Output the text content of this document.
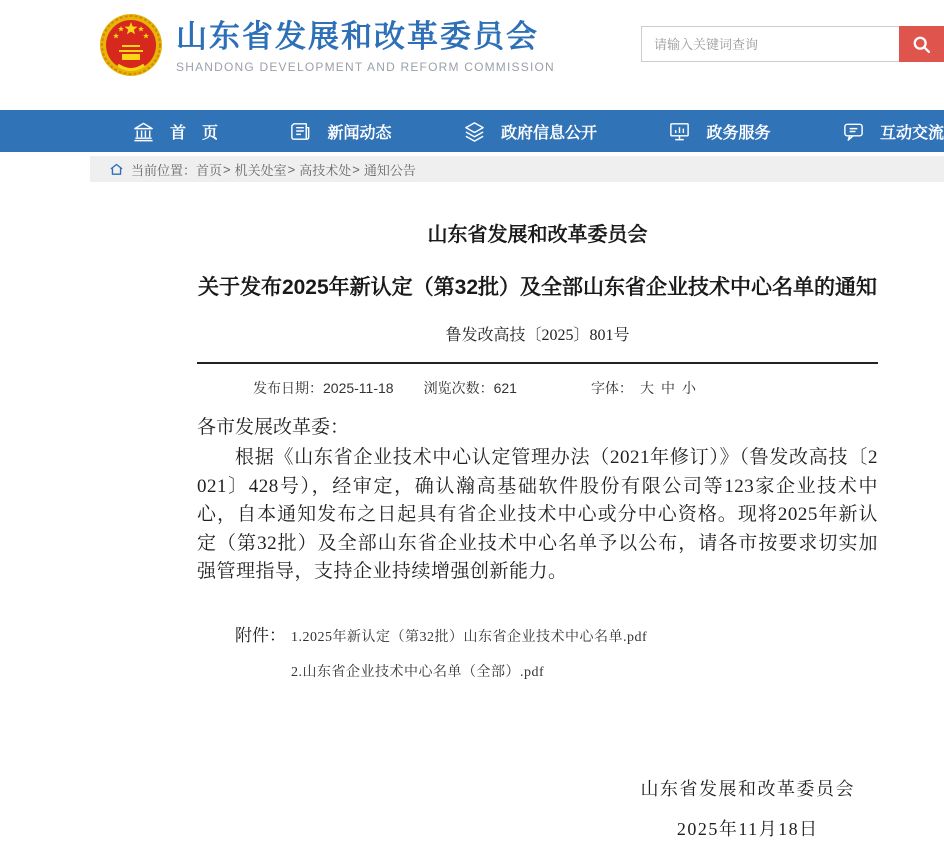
山东省发展和改革委员会
SHANDONG DEVELOPMENT AND REFORM COMMISSION
请输入关键词查询
首　页	新闻动态	政府信息公开	政务服务	互动交流
当前位置： 首页 > 机关处室 > 高技术处 > 通知公告
山东省发展和改革委员会
关于发布2025年新认定（第32批）及全部山东省企业技术中心名单的通知
鲁发改高技〔2025〕801号
发布日期： 2025-11-18 浏览次数： 621	字体： 大 中 小
各市发展改革委：
根据《山东省企业技术中心认定管理办法（2021年修订）》（鲁发改高技〔2021〕428号），经审定，确认瀚高基础软件股份有限公司等123家企业技术中心，自本通知发布之日起具有省企业技术中心或分中心资格。现将2025年新认定（第32批）及全部山东省企业技术中心名单予以公布，请各市按要求切实加强管理指导，支持企业持续增强创新能力。
附件： 1.2025年新认定（第32批）山东省企业技术中心名单.pdf
2.山东省企业技术中心名单（全部）.pdf
山东省发展和改革委员会
2025年11月18日
